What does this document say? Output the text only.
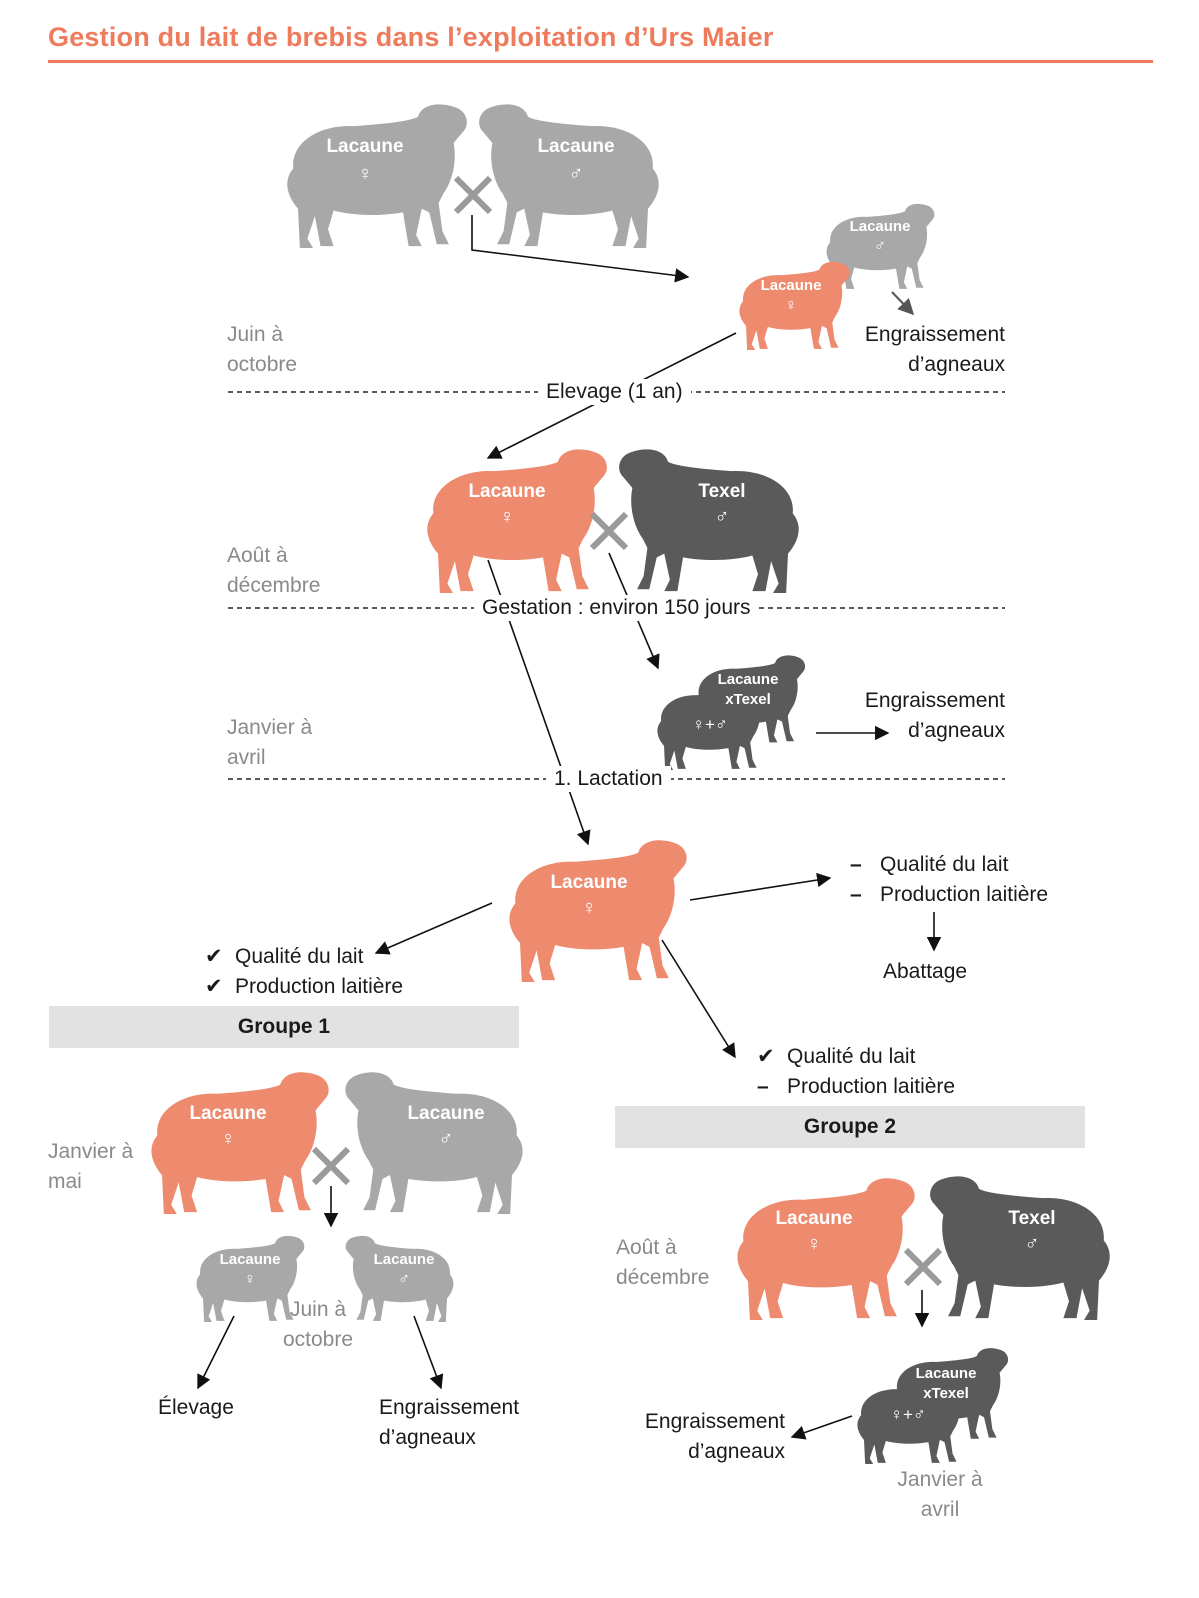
Gestion du lait de brebis dans l’exploitation d’Urs Maier
Lacaune
♀
Lacaune
♂
Lacaune
♂
Lacaune
♀
Lacaune
♀
Texel
♂
Lacaune
xTexel
♀+♂
Lacaune
♀
Lacaune
♀
Lacaune
♂
Lacaune
♀
Lacaune
♂
Lacaune
♀
Texel
♂
Lacaune
xTexel
♀+♂
Juin à
octobre
Août à
décembre
Janvier à
avril
Janvier à
mai
Juin à
octobre
Août à
décembre
Janvier à
avril
Elevage (1 an)
Gestation : environ 150 jours
1. Lactation
Engraissement
d’agneaux
Engraissement
d’agneaux
Engraissement
d’agneaux
Engraissement
d’agneaux
Élevage
Abattage
– Qualité du lait
– Production laitière
✔ Qualité du lait
✔ Production laitière
✔ Qualité du lait
– Production laitière
Groupe 1
Groupe 2
